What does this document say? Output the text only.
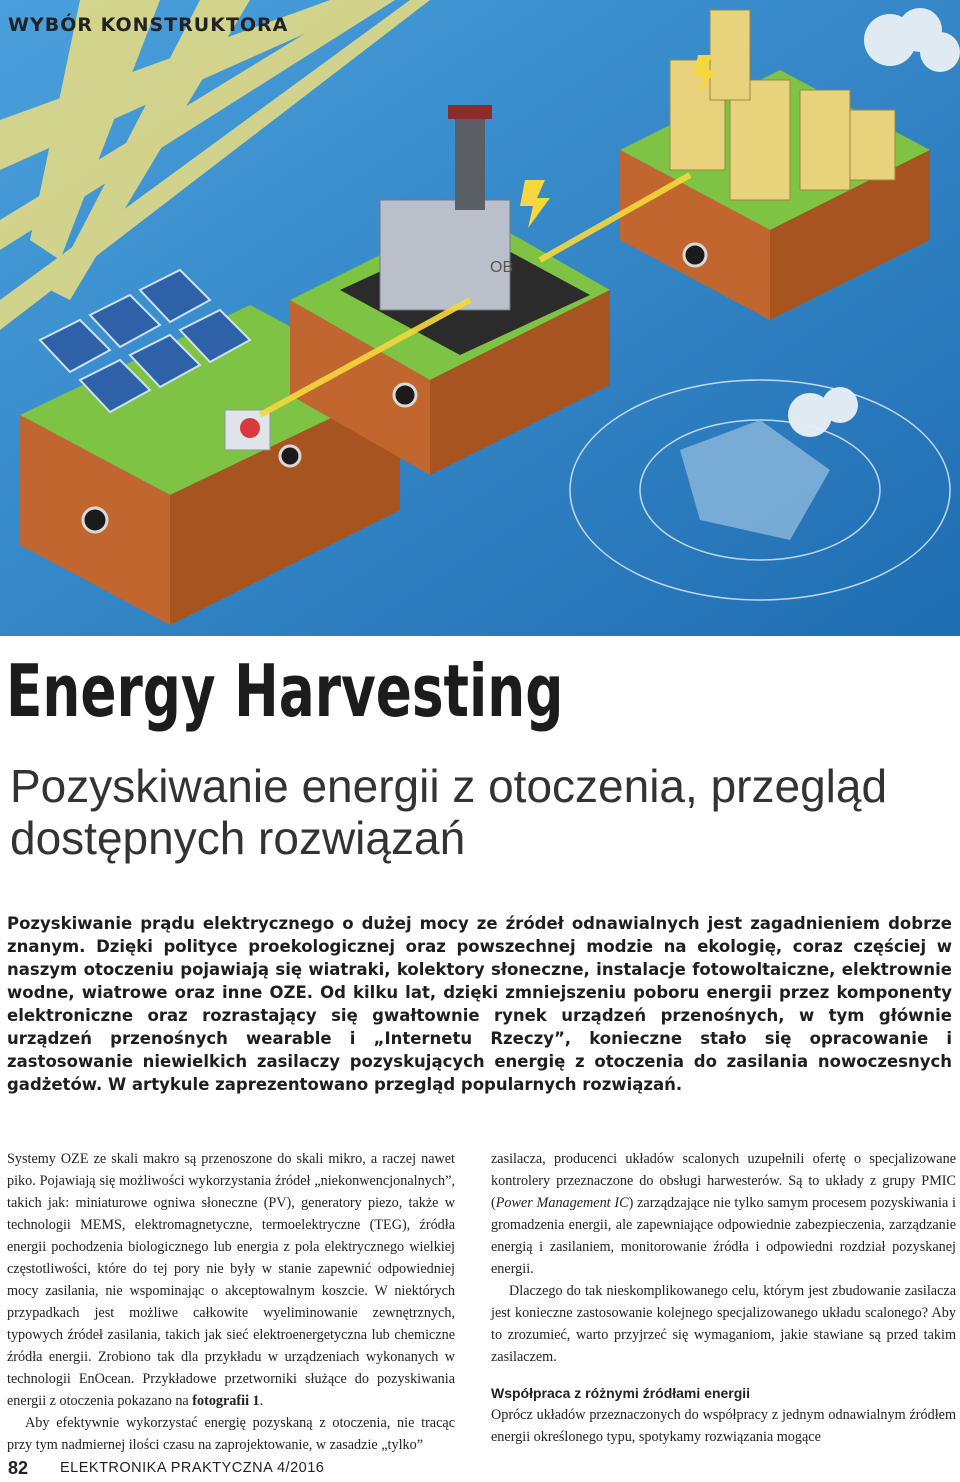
OB

WYBÓR KONSTRUKTORA

Energy Harvesting
Pozyskiwanie energii z otoczenia, przegląd dostępnych rozwiązań

Pozyskiwanie prądu elektrycznego o dużej mocy ze źródeł odnawialnych jest zagadnieniem dobrze znanym. Dzięki polityce proekologicznej oraz powszechnej modzie na ekologię, coraz częściej w naszym otoczeniu pojawiają się wiatraki, kolektory słoneczne, instalacje fotowoltaiczne, elektrownie wodne, wiatrowe oraz inne OZE. Od kilku lat, dzięki zmniejszeniu poboru energii przez komponenty elektroniczne oraz rozrastający się gwałtownie rynek urządzeń przenośnych, w tym głównie urządzeń przenośnych wearable i „Internetu Rzeczy”, konieczne stało się opracowanie i zastosowanie niewielkich zasilaczy pozyskujących energię z otoczenia do zasilania nowoczesnych gadżetów. W artykule zaprezentowano przegląd popularnych rozwiązań.

Systemy OZE ze skali makro są przenoszone do skali mikro, a raczej nawet piko. Pojawiają się możliwości wykorzystania źródeł „niekonwencjonalnych”, takich jak: miniaturowe ogniwa słoneczne (PV), generatory piezo, także w technologii MEMS, elektromagnetyczne, termoelektryczne (TEG), źródła energii pochodzenia biologicznego lub energia z pola elektrycznego wielkiej częstotliwości, które do tej pory nie były w stanie zapewnić odpowiedniej mocy zasilania, nie wspominając o akceptowalnym koszcie. W niektórych przypadkach jest możliwe całkowite wyeliminowanie zewnętrznych, typowych źródeł zasilania, takich jak sieć elektroenergetyczna lub chemiczne źródła energii. Zrobiono tak dla przykładu w urządzeniach wykonanych w technologii EnOcean. Przykładowe przetworniki służące do pozyskiwania energii z otoczenia pokazano na fotografii 1.

Aby efektywnie wykorzystać energię pozyskaną z otoczenia, nie tracąc przy tym nadmiernej ilości czasu na zaprojektowanie, w zasadzie „tylko”

zasilacza, producenci układów scalonych uzupełnili ofertę o specjalizowane kontrolery przeznaczone do obsługi harwesterów. Są to układy z grupy PMIC (Power Management IC) zarządzające nie tylko samym procesem pozyskiwania i gromadzenia energii, ale zapewniające odpowiednie zabezpieczenia, zarządzanie energią i zasilaniem, monitorowanie źródła i odpowiedni rozdział pozyskanej energii.

Dlaczego do tak nieskomplikowanego celu, którym jest zbudowanie zasilacza jest konieczne zastosowanie kolejnego specjalizowanego układu scalonego? Aby to zrozumieć, warto przyjrzeć się wymaganiom, jakie stawiane są przed takim zasilaczem.

Współpraca z różnymi źródłami energii

Oprócz układów przeznaczonych do współpracy z jednym odnawialnym źródłem energii określonego typu, spotykamy rozwiązania mogące

82 ELEKTRONIKA PRAKTYCZNA 4/2016
